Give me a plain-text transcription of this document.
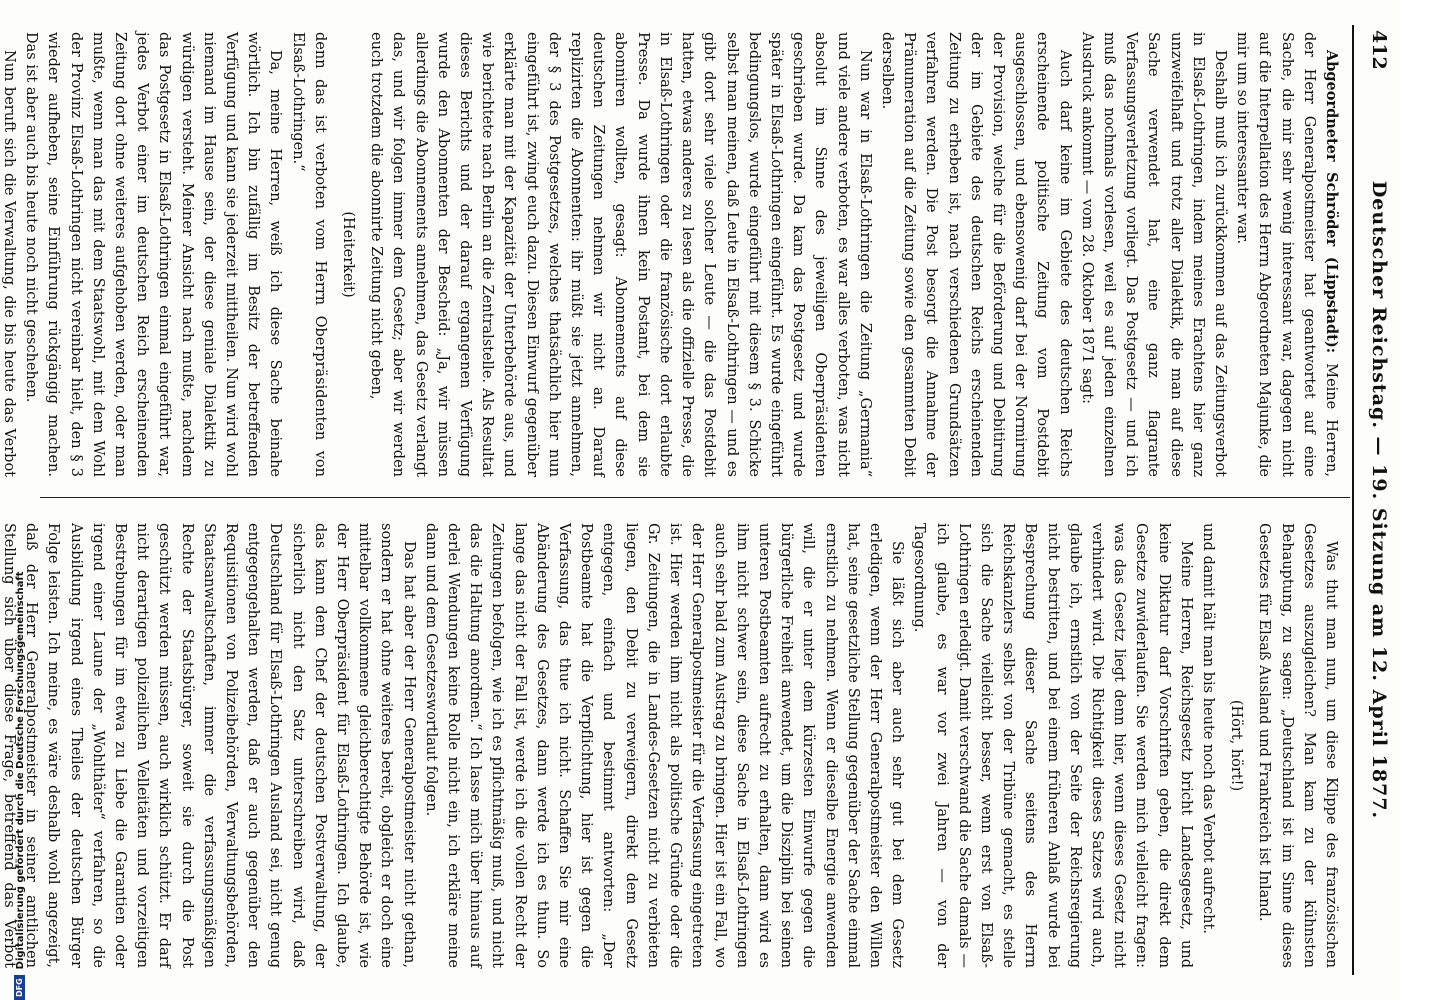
412
Deutscher Reichstag. — 19. Sitzung am 12. April 1877.

Abgeordneter Schröder (Lippstadt): Meine Herren, der Herr Generalpostmeister hat geantwortet auf eine Sache, die mir sehr wenig interessant war, dagegen nicht auf die Interpellation des Herrn Abgeordneten Majunke, die mir um so interessanter war.

Deshalb muß ich zurückkommen auf das Zeitungsverbot in Elsaß-Lothringen, indem meines Erachtens hier ganz unzweifelhaft und trotz aller Dialektik, die man auf diese Sache verwendet hat, eine ganz flagrante Verfassungsverletzung vorliegt. Das Postgesetz — und ich muß das nochmals vorlesen, weil es auf jeden einzelnen Ausdruck ankommt — vom 28. Oktober 1871 sagt:

Auch darf keine im Gebiete des deutschen Reichs erscheinende politische Zeitung vom Postdebit ausgeschlossen, und ebensowenig darf bei der Normirung der Provision, welche für die Beförderung und Debitirung der im Gebiete des deutschen Reichs erscheinenden Zeitung zu erheben ist, nach verschiedenen Grundsätzen verfahren werden. Die Post besorgt die Annahme der Pränumeration auf die Zeitung sowie den gesammten Debit derselben.

Nun war in Elsaß-Lothringen die Zeitung „Germania“ und viele andere verboten, es war alles verboten, was nicht absolut im Sinne des jeweiligen Oberpräsidenten geschrieben wurde. Da kam das Postgesetz und wurde später in Elsaß-Lothringen eingeführt. Es wurde eingeführt bedingungslos, wurde eingeführt mit diesem § 3. Schicke selbst man meinen, daß Leute in Elsaß-Lothringen — und es gibt dort sehr viele solcher Leute — die das Postdebit hatten, etwas anderes zu lesen als die offizielle Presse, die in Elsaß-Lothringen oder die französische dort erlaubte Presse. Da wurde ihnen kein Postamt, bei dem sie abonniren wollten, gesagt: Abonnements auf diese deutschen Zeitungen nehmen wir nicht an. Darauf replizirten die Abonnenten: ihr müßt sie jetzt annehmen, der § 3 des Postgesetzes, welches thatsächlich hier nun eingeführt ist, zwingt euch dazu. Diesen Einwurf gegenüber erklärte man mit der Kapazität der Unterbehörde aus, und wie berichtete nach Berlin an die Zentralstelle. Als Resultat dieses Berichts und der darauf ergangenen Verfügung wurde den Abonnenten der Bescheid: „Ja, wir müssen allerdings die Abonnements annehmen, das Gesetz verlangt das, und wir folgen immer dem Gesetz; aber wir werden euch trotzdem die abonnirte Zeitung nicht geben,

(Heiterkeit)

denn das ist verboten vom Herrn Oberpräsidenten von Elsaß-Lothringen.“

Da, meine Herren, weiß ich diese Sache beinahe wörtlich. Ich bin zufällig im Besitz der betreffenden Verfügung und kann sie jederzeit mittheilen. Nun wird wohl niemand im Hause sein, der diese geniale Dialektik zu würdigen versteht. Meiner Ansicht nach mußte, nachdem das Postgesetz in Elsaß-Lothringen einmal eingeführt war, jedes Verbot einer im deutschen Reich erscheinenden Zeitung dort ohne weiteres aufgehoben werden, oder man mußte, wenn man das mit dem Staatswohl, mit dem Wohl der Provinz Elsaß-Lothringen nicht vereinbar hielt, den § 3 wieder aufheben, seine Einführung rückgängig machen. Das ist aber auch bis heute noch nicht geschehen.

Nun beruft sich die Verwaltung, die bis heute das Verbot

Was thut man nun, um diese Klippe des französischen Gesetzes auszugleichen? Man kam zu der kühnsten Behauptung, zu sagen: „Deutschland ist im Sinne dieses Gesetzes für Elsaß Ausland und Frankreich ist Inland.

(Hört, hört!)

und damit hält man bis heute noch das Verbot aufrecht.

Meine Herren, Reichsgesetz bricht Landesgesetz, und keine Diktatur darf Vorschriften geben, die direkt dem Gesetze zuwiderlaufen. Sie werden mich vielleicht fragen: was das Gesetz liegt denn hier, wenn dieses Gesetz nicht verhindert wird. Die Richtigkeit dieses Satzes wird auch, glaube ich, ernstlich von der Seite der Reichsregierung nicht bestritten, und bei einem früheren Anlaß wurde bei Besprechung dieser Sache seitens des Herrn Reichskanzlers selbst von der Tribüne gemacht, es stelle sich die Sache vielleicht besser, wenn erst von Elsaß-Lothringen erledigt. Damit verschwand die Sache damals — ich glaube, es war vor zwei Jahren — von der Tagesordnung.

Sie läßt sich aber auch sehr gut bei dem Gesetz erledigen, wenn der Herr Generalpostmeister den Willen hat, seine gesetzliche Stellung gegenüber der Sache einmal ernstlich zu nehmen. Wenn er dieselbe Energie anwenden will, die er unter dem kürzesten Einwurfe gegen die bürgerliche Freiheit anwendet, um die Disziplin bei seinen unteren Postbeamten aufrecht zu erhalten, dann wird es ihm nicht schwer sein, diese Sache in Elsaß-Lothringen auch sehr bald zum Austrag zu bringen. Hier ist ein Fall, wo der Herr Generalpostmeister für die Verfassung eingetreten ist. Hier werden ihm nicht als politische Gründe oder die Gr. Zeitungen, die in Landes-Gesetzen nicht zu verbieten liegen, den Debit zu verweigern, direkt dem Gesetz entgegen, einfach und bestimmt antworten: „Der Postbeamte hat die Verpflichtung, hier ist gegen die Verfassung, das thue ich nicht. Schaffen Sie mir eine Abänderung des Gesetzes, dann werde ich es thun. So lange das nicht der Fall ist, werde ich die vollen Recht der Zeitungen befolgen, wie ich es pflichtmäßig muß, und nicht das die Haltung anordnen.“ Ich lasse mich über hinaus auf derlei Wendungen keine Rolle nicht ein, ich erkläre meine dann und dem Gesetzeswortlaut folgen.

Das hat aber der Herr Generalpostmeister nicht gethan, sondern er hat ohne weiteres bereit, obgleich er doch eine mittelbar vollkommene gleichberechtigte Behörde ist, wie der Herr Oberpräsident für Elsaß-Lothringen. Ich glaube, das kann dem Chef der deutschen Postverwaltung, der sicherlich nicht den Satz unterschreiben wird, daß Deutschland für Elsaß-Lothringen Ausland sei, nicht genug entgegengehalten werden, daß er auch gegenüber den Requisitionen von Polizeibehörden, Verwaltungsbehörden, Staatsanwaltschaften, immer die verfassungsmäßigen Rechte der Staatsbürger, soweit sie durch die Post geschützt werden müssen, auch wirklich schützt. Er darf nicht derartigen polizeilichen Velleitäten und vorzeitigen Bestrebungen für im etwa zu Liebe die Garantien oder irgend einer Laune der „Wohlthäter“ verfahren, so die Ausbildung irgend eines Theiles der deutschen Bürger Folge leisten. Ich meine, es wäre deshalb wohl angezeigt, daß der Herr Generalpostmeister in seiner amtlichen Stellung sich über diese Frage, betreffend das Verbot

DFGDigitalisierung gefördert durch die Deutsche Forschungsgemeinschaft
